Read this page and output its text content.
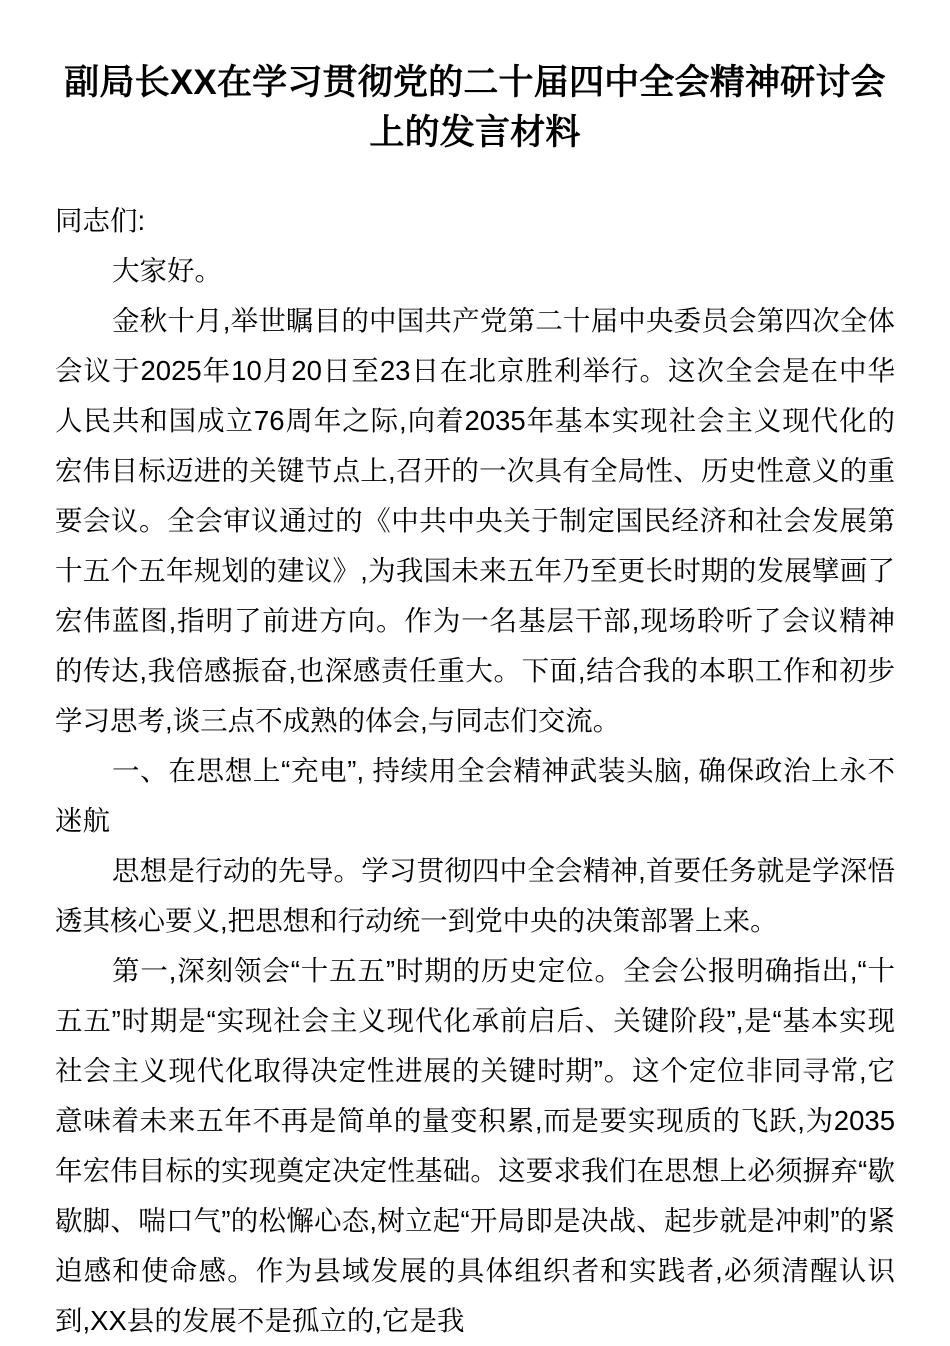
副局长XX在学习贯彻党的二十届四中全会精神研讨会上的发言材料

同志们:

大家好。

金秋十月,举世瞩目的中国共产党第二十届中央委员会第四次全体会议于2025年10月20日至23日在北京胜利举行。这次全会是在中华人民共和国成立76周年之际,向着2035年基本实现社会主义现代化的宏伟目标迈进的关键节点上,召开的一次具有全局性、历史性意义的重要会议。全会审议通过的《中共中央关于制定国民经济和社会发展第十五个五年规划的建议》,为我国未来五年乃至更长时期的发展擘画了宏伟蓝图,指明了前进方向。作为一名基层干部,现场聆听了会议精神的传达,我倍感振奋,也深感责任重大。下面,结合我的本职工作和初步学习思考,谈三点不成熟的体会,与同志们交流。

一、在思想上“充电”, 持续用全会精神武装头脑, 确保政治上永不迷航

思想是行动的先导。学习贯彻四中全会精神,首要任务就是学深悟透其核心要义,把思想和行动统一到党中央的决策部署上来。

第一,深刻领会“十五五”时期的历史定位。全会公报明确指出,“十五五”时期是“实现社会主义现代化承前启后、关键阶段”,是“基本实现社会主义现代化取得决定性进展的关键时期”。这个定位非同寻常,它意味着未来五年不再是简单的量变积累,而是要实现质的飞跃,为2035年宏伟目标的实现奠定决定性基础。这要求我们在思想上必须摒弃“歇歇脚、喘口气”的松懈心态,树立起“开局即是决战、起步就是冲刺”的紧迫感和使命感。作为县域发展的具体组织者和实践者,必须清醒认识到,XX县的发展不是孤立的,它是我
